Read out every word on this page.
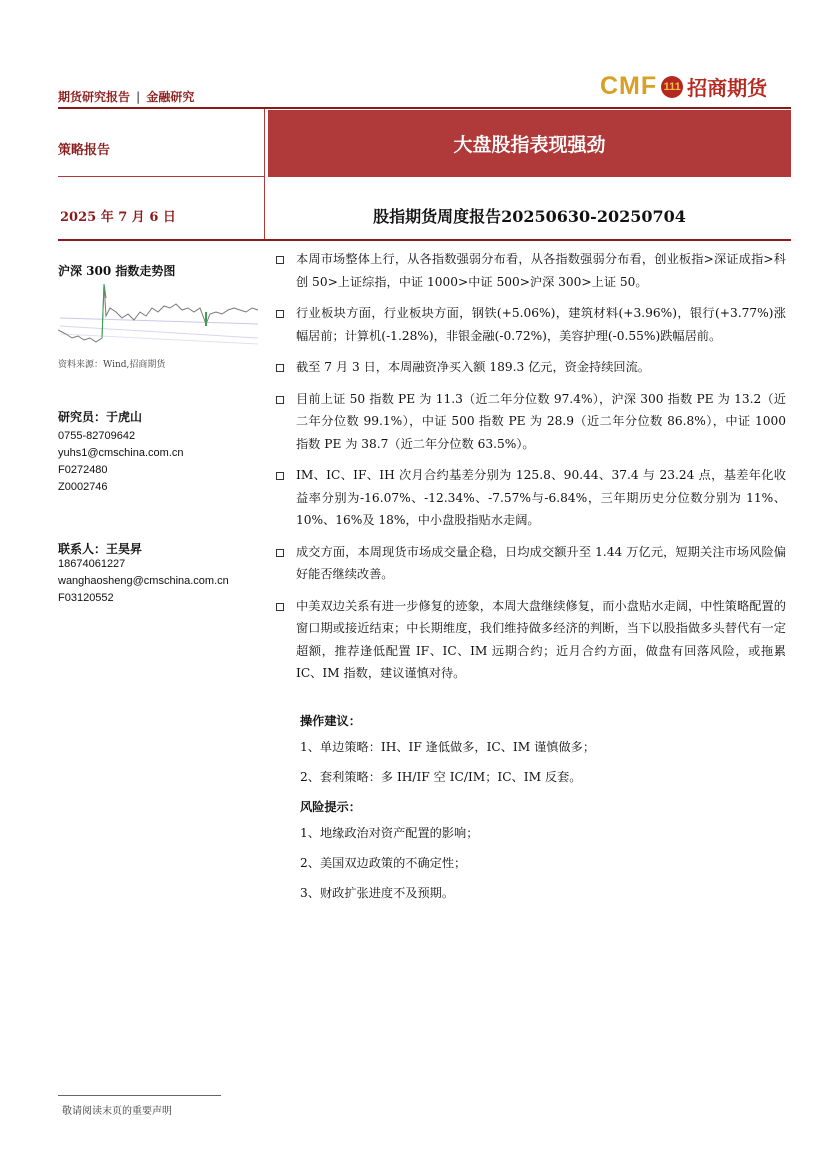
期货研究报告 | 金融研究	CMF 111 招商期货
大盘股指表现强劲
策略报告
2025 年 7 月 6 日	股指期货周度报告20250630-20250704
沪深 300 指数走势图
资料来源：Wind,招商期货
研究员：于虎山
0755-82709642
yuhs1@cmschina.com.cn
F0272480
Z0002746
联系人：王昊昇
18674061227
wanghaosheng@cmschina.com.cn
F03120552
本周市场整体上行，从各指数强弱分布看，从各指数强弱分布看，创业板指>深证成指>科创 50>上证综指，中证 1000>中证 500>沪深 300>上证 50。
行业板块方面，行业板块方面，钢铁(+5.06%)，建筑材料(+3.96%)，银行(+3.77%)涨幅居前；计算机(-1.28%)，非银金融(-0.72%)，美容护理(-0.55%)跌幅居前。
截至 7 月 3 日，本周融资净买入额 189.3 亿元，资金持续回流。
目前上证 50 指数 PE 为 11.3（近二年分位数 97.4%），沪深 300 指数 PE 为 13.2（近二年分位数 99.1%），中证 500 指数 PE 为 28.9（近二年分位数 86.8%），中证 1000 指数 PE 为 38.7（近二年分位数 63.5%）。
IM、IC、IF、IH 次月合约基差分别为 125.8、90.44、37.4 与 23.24 点，基差年化收益率分别为-16.07%、-12.34%、-7.57%与-6.84%，三年期历史分位数分别为 11%、10%、16%及 18%，中小盘股指贴水走阔。
成交方面，本周现货市场成交量企稳，日均成交额升至 1.44 万亿元，短期关注市场风险偏好能否继续改善。
中美双边关系有进一步修复的迹象，本周大盘继续修复，而小盘贴水走阔，中性策略配置的窗口期或接近结束；中长期维度，我们维持做多经济的判断，当下以股指做多头替代有一定超额，推荐逢低配置 IF、IC、IM 远期合约；近月合约方面，做盘有回落风险，或拖累 IC、IM 指数，建议谨慎对待。
操作建议：
1、单边策略：IH、IF 逢低做多，IC、IM 谨慎做多；
2、套利策略：多 IH/IF 空 IC/IM；IC、IM 反套。
风险提示：
1、地缘政治对资产配置的影响；
2、美国双边政策的不确定性；
3、财政扩张进度不及预期。
敬请阅读末页的重要声明
